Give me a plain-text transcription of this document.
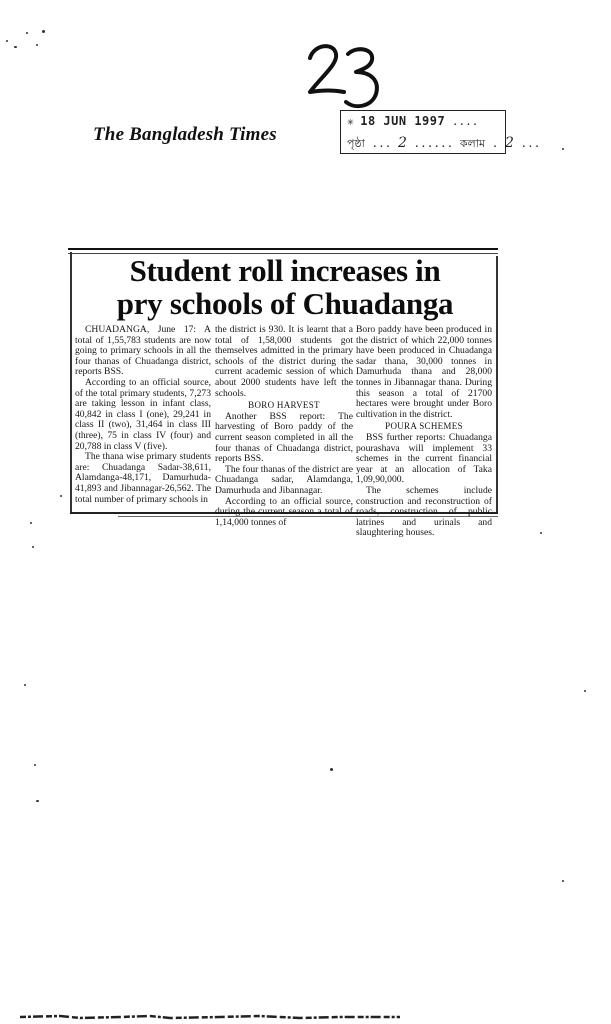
The Bangladesh Times
✳ 18 JUN 1997 ....
পৃষ্ঠা ... 2 ...... কলাম . 2 ...
Student roll increases in
pry schools of Chuadanga

CHUADANGA, June 17: A total of 1,55,783 students are now going to primary schools in all the four thanas of Chuadanga district, reports BSS.

According to an official source, of the total primary students, 7,273 are taking lesson in infant class, 40,842 in class I (one), 29,241 in class II (two), 31,464 in class III (three), 75 in class IV (four) and 20,788 in class V (five).

The thana wise primary students are: Chuadanga Sadar-38,611, Alamdanga-48,171, Damurhuda-41,893 and Jibannagar-26,562. The total number of primary schools in

the district is 930. It is learnt that a total of 1,58,000 students got themselves admitted in the primary schools of the district during the current academic session of which about 2000 students have left the schools.

BORO HARVEST

Another BSS report: The harvesting of Boro paddy of the current season completed in all the four thanas of Chuadanga district, reports BSS.

The four thanas of the district are Chuadanga sadar, Alamdanga, Damurhuda and Jibannagar.

According to an official source, during the current season a total of 1,14,000 tonnes of

Boro paddy have been produced in the district of which 22,000 tonnes have been produced in Chuadanga sadar thana, 30,000 tonnes in Damurhuda thana and 28,000 tonnes in Jibannagar thana. During this season a total of 21700 hectares were brought under Boro cultivation in the district.

POURA SCHEMES

BSS further reports: Chuadanga pourashava will implement 33 schemes in the current financial year at an allocation of Taka 1,09,90,000.

The schemes include construction and reconstruction of roads, construction of public latrines and urinals and slaughtering houses.
